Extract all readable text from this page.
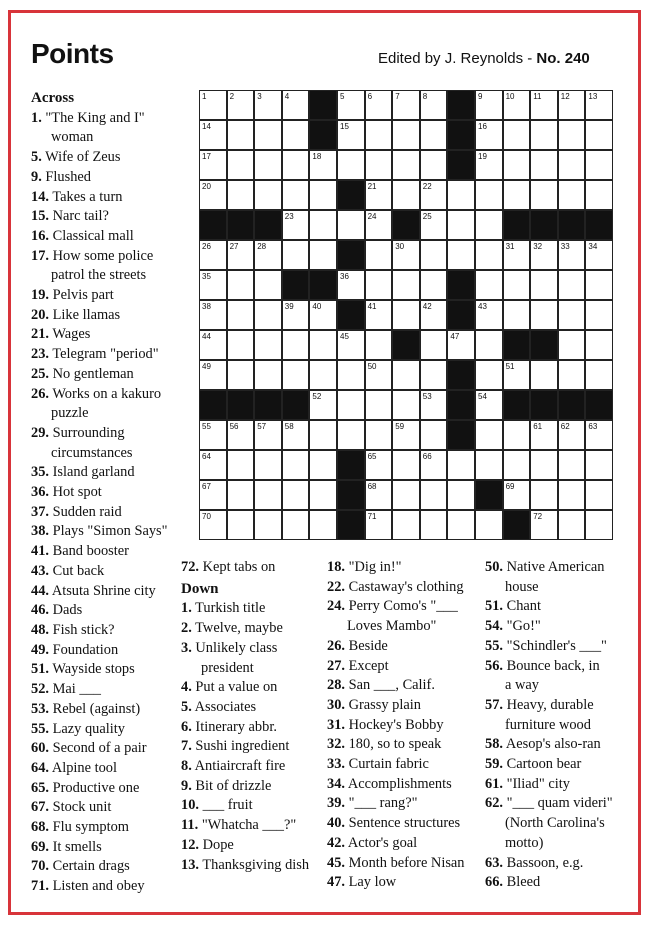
Points	Edited by J. Reynolds - No. 240
1	2	3	4	5	6	7	8	9	10 11 12 13
14	15	16
17	18	19
20	21	22
23	24	25
26 27 28	30	31 32 33 34
35	36
38	39 40	41	42	43
44	45	47
49	50	51
52	53	54
55 56 57 58	59	61 62 63
64	65	66
67	68	69
70	71	72
Across
1. "The King and I"
woman
5. Wife of Zeus
9. Flushed
14. Takes a turn
15. Narc tail?
16. Classical mall
17. How some police
patrol the streets
19. Pelvis part
20. Like llamas
21. Wages
23. Telegram "period"
25. No gentleman
26. Works on a kakuro
puzzle
29. Surrounding
circumstances
35. Island garland
36. Hot spot
37. Sudden raid
38. Plays "Simon Says"
41. Band booster
43. Cut back
44. Atsuta Shrine city
46. Dads
48. Fish stick?
49. Foundation
51. Wayside stops
52. Mai ___
53. Rebel (against)
55. Lazy quality
60. Second of a pair
64. Alpine tool
65. Productive one
67. Stock unit
68. Flu symptom
69. It smells
70. Certain drags
71. Listen and obey
72. Kept tabs on
Down
1. Turkish title
2. Twelve, maybe
3. Unlikely class
president
4. Put a value on
5. Associates
6. Itinerary abbr.
7. Sushi ingredient
8. Antiaircraft fire
9. Bit of drizzle
10. ___ fruit
11. "Whatcha ___?"
12. Dope
13. Thanksgiving dish
18. "Dig in!"
22. Castaway's clothing
24. Perry Como's "___
Loves Mambo"
26. Beside
27. Except
28. San ___, Calif.
30. Grassy plain
31. Hockey's Bobby
32. 180, so to speak
33. Curtain fabric
34. Accomplishments
39. "___ rang?"
40. Sentence structures
42. Actor's goal
45. Month before Nisan
47. Lay low
50. Native American
house
51. Chant
54. "Go!"
55. "Schindler's ___"
56. Bounce back, in
a way
57. Heavy, durable
furniture wood
58. Aesop's also-ran
59. Cartoon bear
61. "Iliad" city
62. "___ quam videri"
(North Carolina's
motto)
63. Bassoon, e.g.
66. Bleed
